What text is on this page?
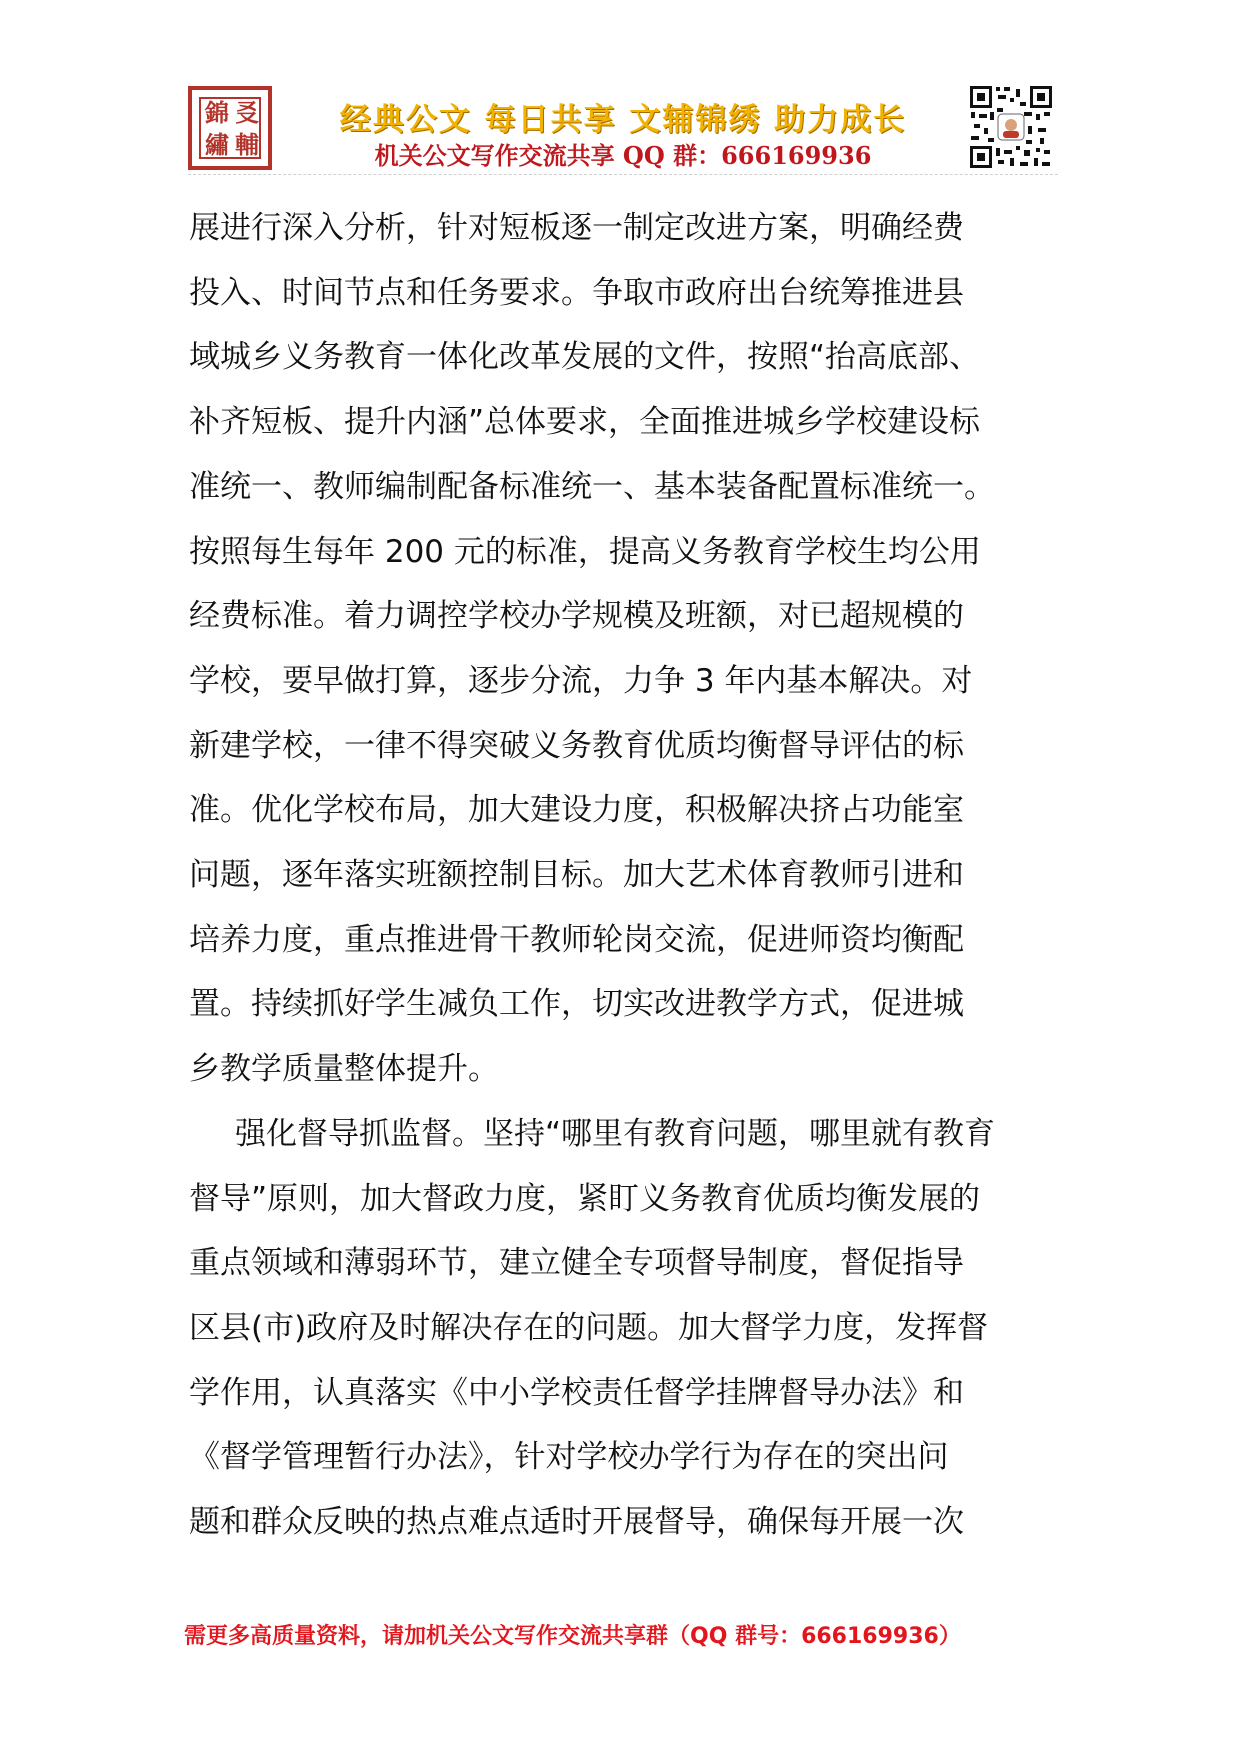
錦 㕛
繡 輔
经典公文 每日共享 文辅锦绣 助力成长
机关公文写作交流共享 QQ 群：666169936

展进行深入分析，针对短板逐一制定改进方案，明确经费
投入、时间节点和任务要求。争取市政府出台统筹推进县
域城乡义务教育一体化改革发展的文件，按照“抬高底部、
补齐短板、提升内涵”总体要求，全面推进城乡学校建设标
准统一、教师编制配备标准统一、基本装备配置标准统一。
按照每生每年 200 元的标准，提高义务教育学校生均公用
经费标准。着力调控学校办学规模及班额，对已超规模的
学校，要早做打算，逐步分流，力争 3 年内基本解决。对
新建学校，一律不得突破义务教育优质均衡督导评估的标
准。优化学校布局，加大建设力度，积极解决挤占功能室
问题，逐年落实班额控制目标。加大艺术体育教师引进和
培养力度，重点推进骨干教师轮岗交流，促进师资均衡配
置。持续抓好学生减负工作，切实改进教学方式，促进城
乡教学质量整体提升。

强化督导抓监督。坚持“哪里有教育问题，哪里就有教育
督导”原则，加大督政力度，紧盯义务教育优质均衡发展的
重点领域和薄弱环节，建立健全专项督导制度，督促指导
区县(市)政府及时解决存在的问题。加大督学力度，发挥督
学作用，认真落实《中小学校责任督学挂牌督导办法》和
《督学管理暂行办法》，针对学校办学行为存在的突出问
题和群众反映的热点难点适时开展督导，确保每开展一次

需更多高质量资料，请加机关公文写作交流共享群（QQ 群号：666169936）
